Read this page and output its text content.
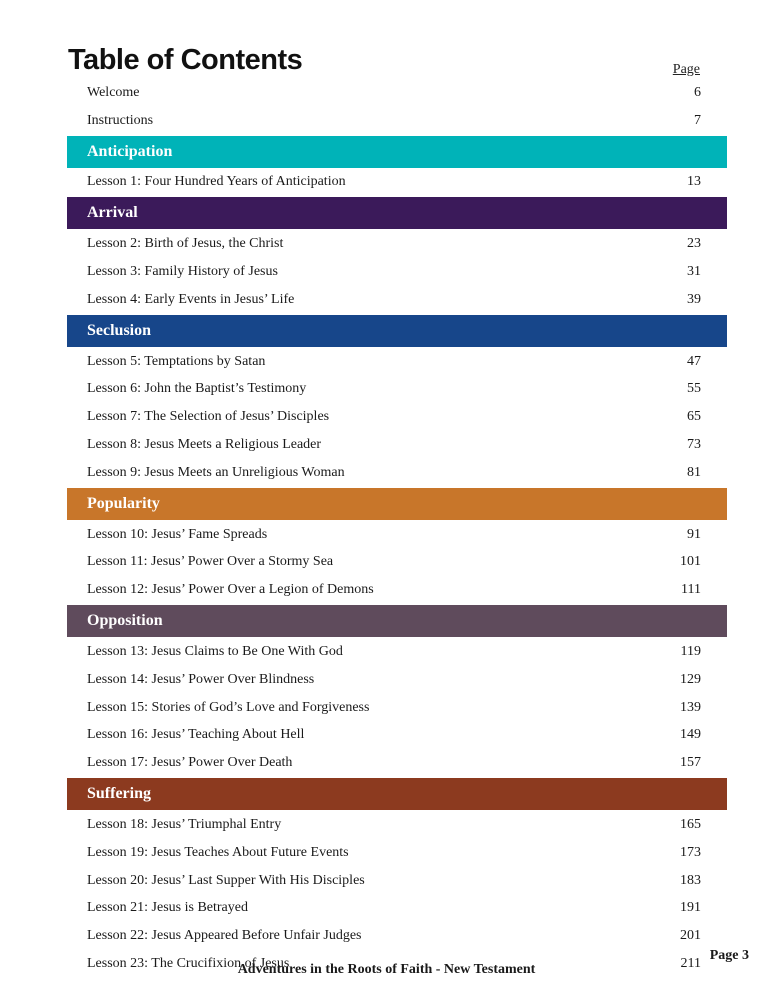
Table of Contents	Page
Welcome	6
Instructions	7
Anticipation
Lesson 1: Four Hundred Years of Anticipation	13
Arrival
Lesson 2: Birth of Jesus, the Christ	23
Lesson 3: Family History of Jesus	31
Lesson 4: Early Events in Jesus’ Life	39
Seclusion
Lesson 5: Temptations by Satan	47
Lesson 6: John the Baptist’s Testimony	55
Lesson 7: The Selection of Jesus’ Disciples	65
Lesson 8: Jesus Meets a Religious Leader	73
Lesson 9: Jesus Meets an Unreligious Woman	81
Popularity
Lesson 10: Jesus’ Fame Spreads	91
Lesson 11: Jesus’ Power Over a Stormy Sea	101
Lesson 12: Jesus’ Power Over a Legion of Demons	111
Opposition
Lesson 13: Jesus Claims to Be One With God	119
Lesson 14: Jesus’ Power Over Blindness	129
Lesson 15: Stories of God’s Love and Forgiveness	139
Lesson 16: Jesus’ Teaching About Hell	149
Lesson 17: Jesus’ Power Over Death	157
Suffering
Lesson 18: Jesus’ Triumphal Entry	165
Lesson 19: Jesus Teaches About Future Events	173
Lesson 20: Jesus’ Last Supper With His Disciples	183
Lesson 21: Jesus is Betrayed	191
Lesson 22: Jesus Appeared Before Unfair Judges	201
Lesson 23: The Crucifixion of Jesus	211
Page 3
Adventures in the Roots of Faith - New Testament
